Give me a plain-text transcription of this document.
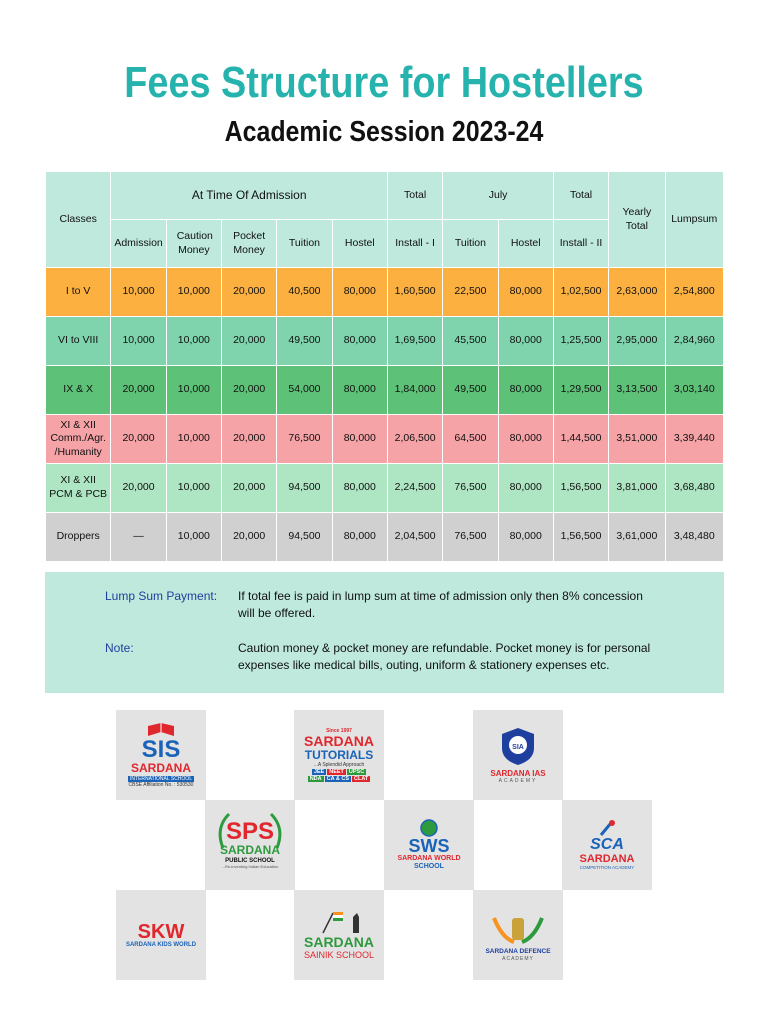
Fees Structure for Hostellers
Academic Session 2023-24
Classes	At Time Of Admission					Total	July		Total	Yearly Total	Lumpsum
	Admission	Caution Money	Pocket Money	Tuition	Hostel	Install - I	Tuition	Hostel	Install - II		
I to V	10,000	10,000	20,000	40,500	80,000	1,60,500	22,500	80,000	1,02,500	2,63,000	2,54,800
VI to VIII	10,000	10,000	20,000	49,500	80,000	1,69,500	45,500	80,000	1,25,500	2,95,000	2,84,960
IX & X	20,000	10,000	20,000	54,000	80,000	1,84,000	49,500	80,000	1,29,500	3,13,500	3,03,140

XI & XII
Comm./Agr.
/Humanity	20,000	10,000	20,000	76,500	80,000	2,06,500	64,500	80,000	1,44,500	3,51,000	3,39,440

XI & XII
PCM & PCB	20,000	10,000	20,000	94,500	80,000	2,24,500	76,500	80,000	1,56,500	3,81,000	3,68,480
Droppers	—	10,000	20,000	94,500	80,000	2,04,500	76,500	80,000	1,56,500	3,61,000	3,48,480
Lump Sum Payment: If total fee is paid in lump sum at time of admission only then 8% concession
will be offered.
Note:	Caution money & pocket money are refundable. Pocket money is for personal
expenses like medical bills, outing, uniform & stationery expenses etc.
SIS
SARDANA
INTERNATIONAL SCHOOL
CBSE Affiliation No. : 530530
Since 1997
SARDANA
TUTORIALS
...A Splendid Approach
JEE NEET UPSC
NDA CA & CS CLAT
SIA
SARDANA IAS
ACADEMY
SPS
SARDANA
PUBLIC SCHOOL
...Re-inventing Indian Education
SWS
SARDANA WORLD
SCHOOL
SCA
SARDANA
COMPETITION ACADEMY
SKW
SARDANA KIDS WORLD	SARDANA
SAINIK SCHOOL	SARDANA DEFENCE
ACADEMY
